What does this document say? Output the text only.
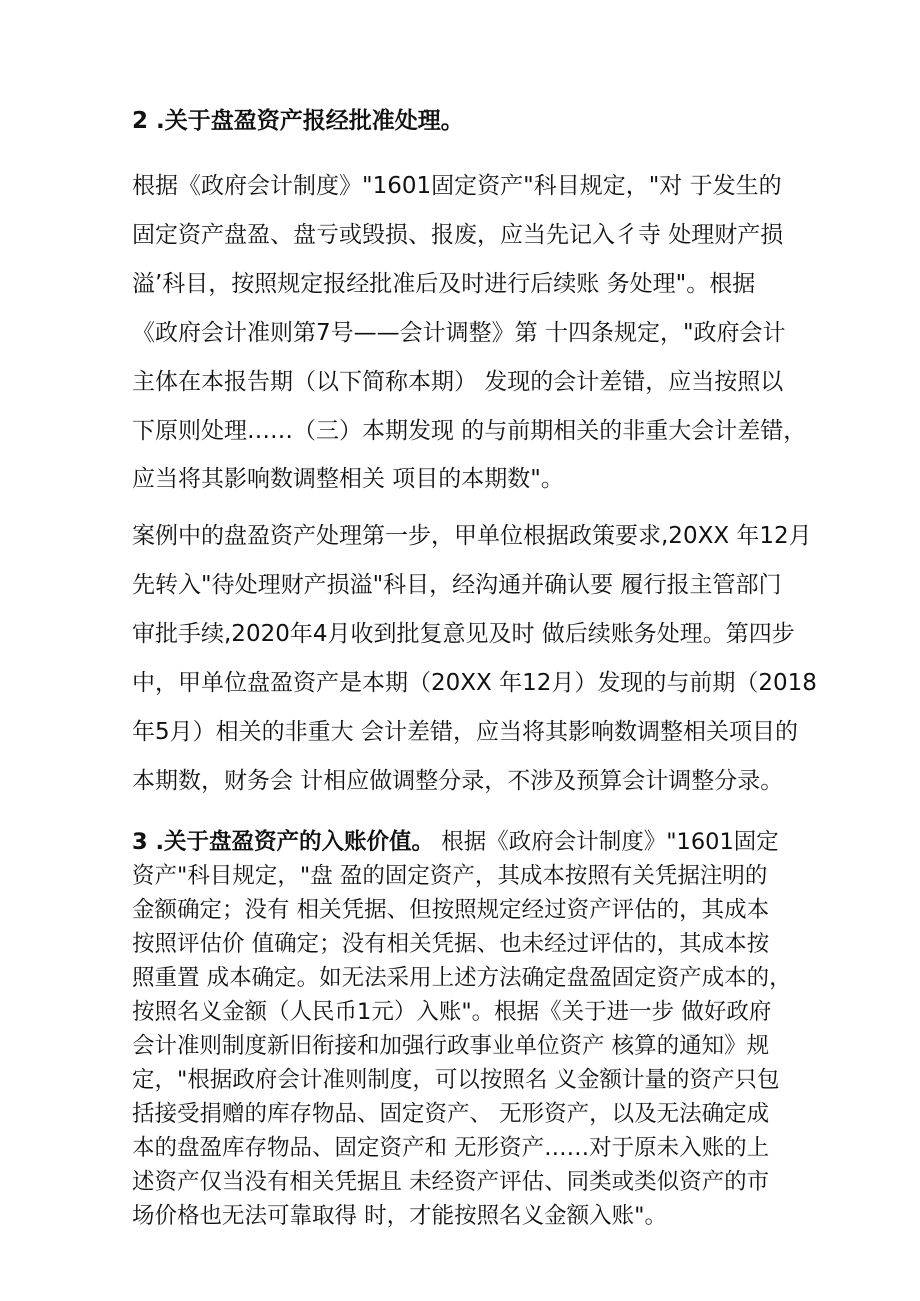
2 .关于盘盈资产报经批准处理。
根据《政府会计制度》"1601固定资产"科目规定，"对 于发生的
固定资产盘盈、盘亏或毁损、报废，应当先记入彳寺 处理财产损
溢’科目，按照规定报经批准后及时进行后续账 务处理"。根据
《政府会计准则第7号——会计调整》第 十四条规定，"政府会计
主体在本报告期（以下简称本期） 发现的会计差错，应当按照以
下原则处理……（三）本期发现 的与前期相关的非重大会计差错，
应当将其影响数调整相关 项目的本期数"。
案例中的盘盈资产处理第一步，甲单位根据政策要求,20XX 年12月
先转入"待处理财产损溢"科目，经沟通并确认要 履行报主管部门
审批手续,2020年4月收到批复意见及时 做后续账务处理。第四步
中，甲单位盘盈资产是本期（20XX 年12月）发现的与前期（2018
年5月）相关的非重大 会计差错，应当将其影响数调整相关项目的
本期数，财务会 计相应做调整分录，不涉及预算会计调整分录。
3 .关于盘盈资产的入账价值。 根据《政府会计制度》"1601固定
资产"科目规定，"盘 盈的固定资产，其成本按照有关凭据注明的
金额确定；没有 相关凭据、但按照规定经过资产评估的，其成本
按照评估价 值确定；没有相关凭据、也未经过评估的，其成本按
照重置 成本确定。如无法采用上述方法确定盘盈固定资产成本的，
按照名义金额（人民币1元）入账"。根据《关于进一步 做好政府
会计准则制度新旧衔接和加强行政事业单位资产 核算的通知》规
定，"根据政府会计准则制度，可以按照名 义金额计量的资产只包
括接受捐赠的库存物品、固定资产、 无形资产，以及无法确定成
本的盘盈库存物品、固定资产和 无形资产……对于原未入账的上
述资产仅当没有相关凭据且 未经资产评估、同类或类似资产的市
场价格也无法可靠取得 时，才能按照名义金额入账"。
